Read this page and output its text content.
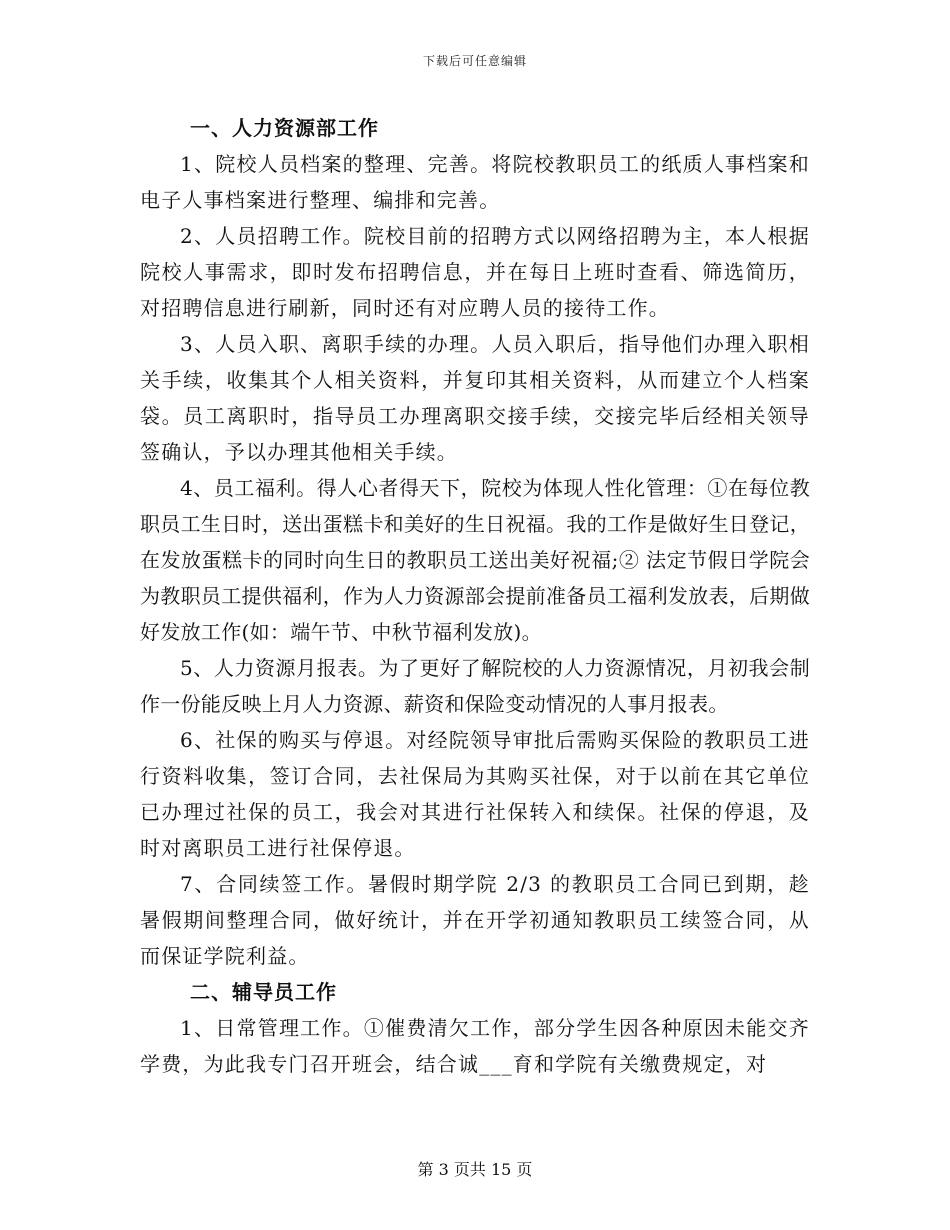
下载后可任意编辑
一、人力资源部工作

1、院校人员档案的整理、完善。将院校教职员工的纸质人事档案和电子人事档案进行整理、编排和完善。

2、人员招聘工作。院校目前的招聘方式以网络招聘为主，本人根据院校人事需求，即时发布招聘信息，并在每日上班时查看、筛选简历，对招聘信息进行刷新，同时还有对应聘人员的接待工作。

3、人员入职、离职手续的办理。人员入职后，指导他们办理入职相关手续，收集其个人相关资料，并复印其相关资料，从而建立个人档案袋。员工离职时，指导员工办理离职交接手续，交接完毕后经相关领导签确认，予以办理其他相关手续。

4、员工福利。得人心者得天下，院校为体现人性化管理：①在每位教职员工生日时，送出蛋糕卡和美好的生日祝福。我的工作是做好生日登记，在发放蛋糕卡的同时向生日的教职员工送出美好祝福;② 法定节假日学院会为教职员工提供福利，作为人力资源部会提前准备员工福利发放表，后期做好发放工作(如：端午节、中秋节福利发放)。

5、人力资源月报表。为了更好了解院校的人力资源情况，月初我会制作一份能反映上月人力资源、薪资和保险变动情况的人事月报表。

6、社保的购买与停退。对经院领导审批后需购买保险的教职员工进行资料收集，签订合同，去社保局为其购买社保，对于以前在其它单位已办理过社保的员工，我会对其进行社保转入和续保。社保的停退，及时对离职员工进行社保停退。

7、合同续签工作。暑假时期学院 2/3 的教职员工合同已到期，趁暑假期间整理合同，做好统计，并在开学初通知教职员工续签合同，从而保证学院利益。

二、辅导员工作

1、日常管理工作。①催费清欠工作，部分学生因各种原因未能交齐学费，为此我专门召开班会，结合诚___育和学院有关缴费规定，对

第 3 页共 15 页
